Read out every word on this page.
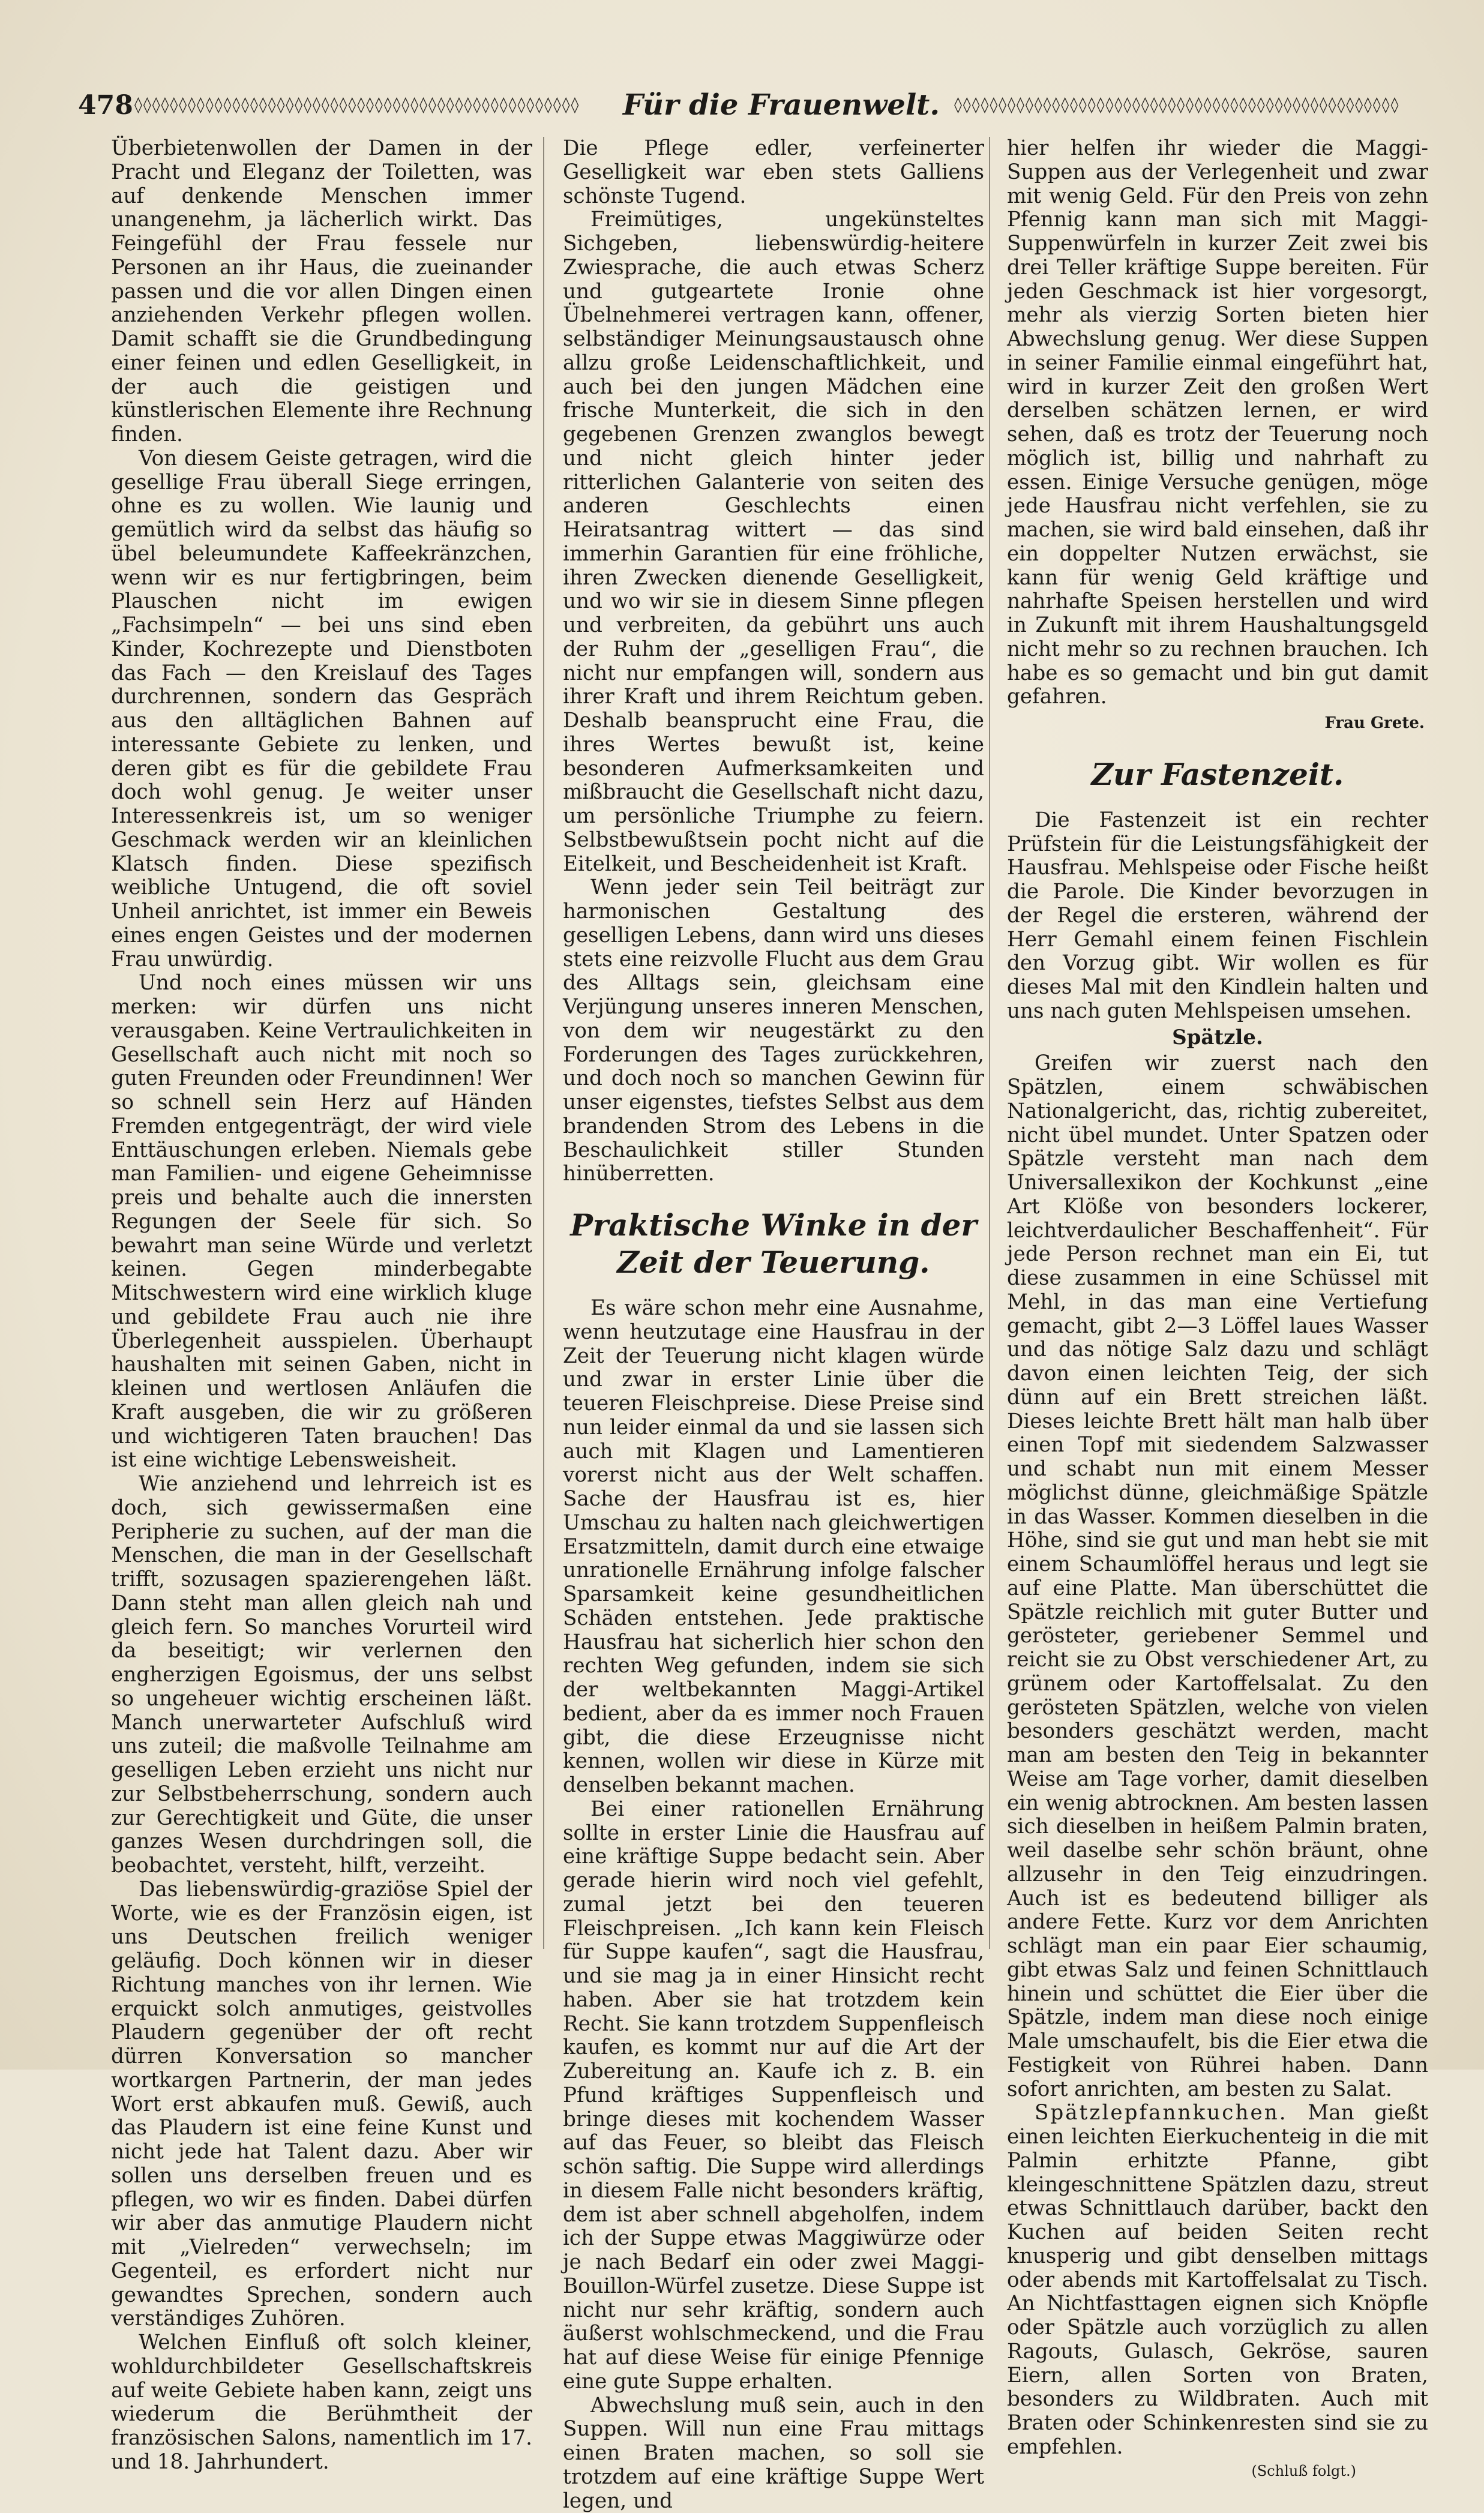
478 ◊◊◊◊◊◊◊◊◊◊◊◊◊◊◊◊◊◊◊◊◊◊◊◊◊◊◊◊◊◊◊◊◊◊◊◊◊◊◊◊◊◊◊◊◊◊◊◊◊◊	Für die Frauenwelt. ◊◊◊◊◊◊◊◊◊◊◊◊◊◊◊◊◊◊◊◊◊◊◊◊◊◊◊◊◊◊◊◊◊◊◊◊◊◊◊◊◊◊◊◊◊◊◊◊◊◊

Überbietenwollen der Damen in der Pracht und Eleganz der Toiletten, was auf denkende Menschen immer unangenehm, ja lächerlich wirkt. Das Feingefühl der Frau fessele nur Personen an ihr Haus, die zueinander passen und die vor allen Dingen einen anziehenden Verkehr pflegen wollen. Damit schafft sie die Grundbedingung einer feinen und edlen Geselligkeit, in der auch die geistigen und künstlerischen Elemente ihre Rechnung finden.

Von diesem Geiste getragen, wird die gesellige Frau überall Siege erringen, ohne es zu wollen. Wie launig und gemütlich wird da selbst das häufig so übel beleumundete Kaffeekränzchen, wenn wir es nur fertigbringen, beim Plauschen nicht im ewigen „Fachsimpeln“ — bei uns sind eben Kinder, Kochrezepte und Dienstboten das Fach — den Kreislauf des Tages durchrennen, sondern das Gespräch aus den alltäglichen Bahnen auf interessante Gebiete zu lenken, und deren gibt es für die gebildete Frau doch wohl genug. Je weiter unser Interessenkreis ist, um so weniger Geschmack werden wir an kleinlichen Klatsch finden. Diese spezifisch weibliche Untugend, die oft soviel Unheil anrichtet, ist immer ein Beweis eines engen Geistes und der modernen Frau unwürdig.

Und noch eines müssen wir uns merken: wir dürfen uns nicht verausgaben. Keine Vertraulichkeiten in Gesellschaft auch nicht mit noch so guten Freunden oder Freundinnen! Wer so schnell sein Herz auf Händen Fremden entgegenträgt, der wird viele Enttäuschungen erleben. Niemals gebe man Familien- und eigene Geheimnisse preis und behalte auch die innersten Regungen der Seele für sich. So bewahrt man seine Würde und verletzt keinen. Gegen minderbegabte Mitschwestern wird eine wirklich kluge und gebildete Frau auch nie ihre Überlegenheit ausspielen. Überhaupt haushalten mit seinen Gaben, nicht in kleinen und wertlosen Anläufen die Kraft ausgeben, die wir zu größeren und wichtigeren Taten brauchen! Das ist eine wichtige Lebensweisheit.

Wie anziehend und lehrreich ist es doch, sich gewissermaßen eine Peripherie zu suchen, auf der man die Menschen, die man in der Gesellschaft trifft, sozusagen spazierengehen läßt. Dann steht man allen gleich nah und gleich fern. So manches Vorurteil wird da beseitigt; wir verlernen den engherzigen Egoismus, der uns selbst so ungeheuer wichtig erscheinen läßt. Manch unerwarteter Aufschluß wird uns zuteil; die maßvolle Teilnahme am geselligen Leben erzieht uns nicht nur zur Selbstbeherrschung, sondern auch zur Gerechtigkeit und Güte, die unser ganzes Wesen durchdringen soll, die beobachtet, versteht, hilft, verzeiht.

Das liebenswürdig-graziöse Spiel der Worte, wie es der Französin eigen, ist uns Deutschen freilich weniger geläufig. Doch können wir in dieser Richtung manches von ihr lernen. Wie erquickt solch anmutiges, geistvolles Plaudern gegenüber der oft recht dürren Konversation so mancher wortkargen Partnerin, der man jedes Wort erst abkaufen muß. Gewiß, auch das Plaudern ist eine feine Kunst und nicht jede hat Talent dazu. Aber wir sollen uns derselben freuen und es pflegen, wo wir es finden. Dabei dürfen wir aber das anmutige Plaudern nicht mit „Vielreden“ verwechseln; im Gegenteil, es erfordert nicht nur gewandtes Sprechen, sondern auch verständiges Zuhören.

Welchen Einfluß oft solch kleiner, wohldurchbildeter Gesellschaftskreis auf weite Gebiete haben kann, zeigt uns wiederum die Berühmtheit der französischen Salons, namentlich im 17. und 18. Jahrhundert.

Die Pflege edler, verfeinerter Geselligkeit war eben stets Galliens schönste Tugend.

Freimütiges, ungekünsteltes Sichgeben, liebenswürdig-heitere Zwiesprache, die auch etwas Scherz und gutgeartete Ironie ohne Übelnehmerei vertragen kann, offener, selbständiger Meinungsaustausch ohne allzu große Leidenschaftlichkeit, und auch bei den jungen Mädchen eine frische Munterkeit, die sich in den gegebenen Grenzen zwanglos bewegt und nicht gleich hinter jeder ritterlichen Galanterie von seiten des anderen Geschlechts einen Heiratsantrag wittert — das sind immerhin Garantien für eine fröhliche, ihren Zwecken dienende Geselligkeit, und wo wir sie in diesem Sinne pflegen und verbreiten, da gebührt uns auch der Ruhm der „geselligen Frau“, die nicht nur empfangen will, sondern aus ihrer Kraft und ihrem Reichtum geben. Deshalb beansprucht eine Frau, die ihres Wertes bewußt ist, keine besonderen Aufmerksamkeiten und mißbraucht die Gesellschaft nicht dazu, um persönliche Triumphe zu feiern. Selbstbewußtsein pocht nicht auf die Eitelkeit, und Bescheidenheit ist Kraft.

Wenn jeder sein Teil beiträgt zur harmonischen Gestaltung des geselligen Lebens, dann wird uns dieses stets eine reizvolle Flucht aus dem Grau des Alltags sein, gleichsam eine Verjüngung unseres inneren Menschen, von dem wir neugestärkt zu den Forderungen des Tages zurückkehren, und doch noch so manchen Gewinn für unser eigenstes, tiefstes Selbst aus dem brandenden Strom des Lebens in die Beschaulichkeit stiller Stunden hinüberretten.

Praktische Winke in der Zeit der Teuerung.

Es wäre schon mehr eine Ausnahme, wenn heutzutage eine Hausfrau in der Zeit der Teuerung nicht klagen würde und zwar in erster Linie über die teueren Fleischpreise. Diese Preise sind nun leider einmal da und sie lassen sich auch mit Klagen und Lamentieren vorerst nicht aus der Welt schaffen. Sache der Hausfrau ist es, hier Umschau zu halten nach gleichwertigen Ersatzmitteln, damit durch eine etwaige unrationelle Ernährung infolge falscher Sparsamkeit keine gesundheitlichen Schäden entstehen. Jede praktische Hausfrau hat sicherlich hier schon den rechten Weg gefunden, indem sie sich der weltbekannten Maggi-Artikel bedient, aber da es immer noch Frauen gibt, die diese Erzeugnisse nicht kennen, wollen wir diese in Kürze mit denselben bekannt machen.

Bei einer rationellen Ernährung sollte in erster Linie die Hausfrau auf eine kräftige Suppe bedacht sein. Aber gerade hierin wird noch viel gefehlt, zumal jetzt bei den teueren Fleischpreisen. „Ich kann kein Fleisch für Suppe kaufen“, sagt die Hausfrau, und sie mag ja in einer Hinsicht recht haben. Aber sie hat trotzdem kein Recht. Sie kann trotzdem Suppenfleisch kaufen, es kommt nur auf die Art der Zubereitung an. Kaufe ich z. B. ein Pfund kräftiges Suppenfleisch und bringe dieses mit kochendem Wasser auf das Feuer, so bleibt das Fleisch schön saftig. Die Suppe wird allerdings in diesem Falle nicht besonders kräftig, dem ist aber schnell abgeholfen, indem ich der Suppe etwas Maggiwürze oder je nach Bedarf ein oder zwei Maggi-Bouillon-Würfel zusetze. Diese Suppe ist nicht nur sehr kräftig, sondern auch äußerst wohlschmeckend, und die Frau hat auf diese Weise für einige Pfennige eine gute Suppe erhalten.

Abwechslung muß sein, auch in den Suppen. Will nun eine Frau mittags einen Braten machen, so soll sie trotzdem auf eine kräftige Suppe Wert legen, und

hier helfen ihr wieder die Maggi-Suppen aus der Verlegenheit und zwar mit wenig Geld. Für den Preis von zehn Pfennig kann man sich mit Maggi-Suppenwürfeln in kurzer Zeit zwei bis drei Teller kräftige Suppe bereiten. Für jeden Geschmack ist hier vorgesorgt, mehr als vierzig Sorten bieten hier Abwechslung genug. Wer diese Suppen in seiner Familie einmal eingeführt hat, wird in kurzer Zeit den großen Wert derselben schätzen lernen, er wird sehen, daß es trotz der Teuerung noch möglich ist, billig und nahrhaft zu essen. Einige Versuche genügen, möge jede Hausfrau nicht verfehlen, sie zu machen, sie wird bald einsehen, daß ihr ein doppelter Nutzen erwächst, sie kann für wenig Geld kräftige und nahrhafte Speisen herstellen und wird in Zukunft mit ihrem Haushaltungsgeld nicht mehr so zu rechnen brauchen. Ich habe es so gemacht und bin gut damit gefahren.

Frau Grete.
Zur Fastenzeit.

Die Fastenzeit ist ein rechter Prüfstein für die Leistungsfähigkeit der Hausfrau. Mehlspeise oder Fische heißt die Parole. Die Kinder bevorzugen in der Regel die ersteren, während der Herr Gemahl einem feinen Fischlein den Vorzug gibt. Wir wollen es für dieses Mal mit den Kindlein halten und uns nach guten Mehlspeisen umsehen.

Spätzle.

Greifen wir zuerst nach den Spätzlen, einem schwäbischen Nationalgericht, das, richtig zubereitet, nicht übel mundet. Unter Spatzen oder Spätzle versteht man nach dem Universallexikon der Kochkunst „eine Art Klöße von besonders lockerer, leichtverdaulicher Beschaffenheit“. Für jede Person rechnet man ein Ei, tut diese zusammen in eine Schüssel mit Mehl, in das man eine Vertiefung gemacht, gibt 2—3 Löffel laues Wasser und das nötige Salz dazu und schlägt davon einen leichten Teig, der sich dünn auf ein Brett streichen läßt. Dieses leichte Brett hält man halb über einen Topf mit siedendem Salzwasser und schabt nun mit einem Messer möglichst dünne, gleichmäßige Spätzle in das Wasser. Kommen dieselben in die Höhe, sind sie gut und man hebt sie mit einem Schaumlöffel heraus und legt sie auf eine Platte. Man überschüttet die Spätzle reichlich mit guter Butter und gerösteter, geriebener Semmel und reicht sie zu Obst verschiedener Art, zu grünem oder Kartoffelsalat. Zu den gerösteten Spätzlen, welche von vielen besonders geschätzt werden, macht man am besten den Teig in bekannter Weise am Tage vorher, damit dieselben ein wenig abtrocknen. Am besten lassen sich dieselben in heißem Palmin braten, weil daselbe sehr schön bräunt, ohne allzusehr in den Teig einzudringen. Auch ist es bedeutend billiger als andere Fette. Kurz vor dem Anrichten schlägt man ein paar Eier schaumig, gibt etwas Salz und feinen Schnittlauch hinein und schüttet die Eier über die Spätzle, indem man diese noch einige Male umschaufelt, bis die Eier etwa die Festigkeit von Rührei haben. Dann sofort anrichten, am besten zu Salat.

Spätzlepfannkuchen. Man gießt einen leichten Eierkuchenteig in die mit Palmin erhitzte Pfanne, gibt kleingeschnittene Spätzlen dazu, streut etwas Schnittlauch darüber, backt den Kuchen auf beiden Seiten recht knusperig und gibt denselben mittags oder abends mit Kartoffelsalat zu Tisch. An Nichtfasttagen eignen sich Knöpfle oder Spätzle auch vorzüglich zu allen Ragouts, Gulasch, Gekröse, sauren Eiern, allen Sorten von Braten, besonders zu Wildbraten. Auch mit Braten oder Schinkenresten sind sie zu empfehlen.

(Schluß folgt.)
